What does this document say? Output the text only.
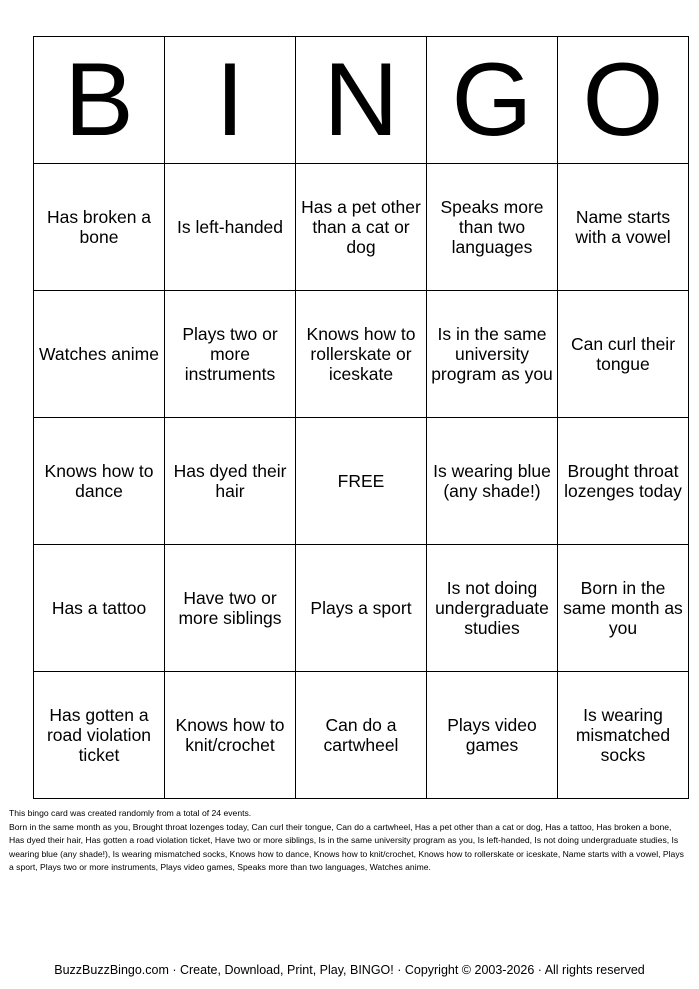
B	I	N	G	O
Has broken a bone	Is left-handed	Has a pet other than a cat or dog	Speaks more than two languages	Name starts with a vowel
Watches anime	Plays two or more instruments	Knows how to rollerskate or iceskate	Is in the same university program as you	Can curl their tongue
Knows how to dance	Has dyed their hair	FREE	Is wearing blue (any shade!)	Brought throat lozenges today
Has a tattoo	Have two or more siblings	Plays a sport	Is not doing undergraduate studies	Born in the same month as you
Has gotten a road violation ticket	Knows how to knit/crochet	Can do a cartwheel	Plays video games	Is wearing mismatched socks
This bingo card was created randomly from a total of 24 events.
Born in the same month as you, Brought throat lozenges today, Can curl their tongue, Can do a cartwheel, Has a pet other than a cat or dog, Has a tattoo, Has broken a bone, Has dyed their hair, Has gotten a road violation ticket, Have two or more siblings, Is in the same university program as you, Is left-handed, Is not doing undergraduate studies, Is wearing blue (any shade!), Is wearing mismatched socks, Knows how to dance, Knows how to knit/crochet, Knows how to rollerskate or iceskate, Name starts with a vowel, Plays a sport, Plays two or more instruments, Plays video games, Speaks more than two languages, Watches anime.
BuzzBuzzBingo.com · Create, Download, Print, Play, BINGO! · Copyright © 2003-2026 · All rights reserved
